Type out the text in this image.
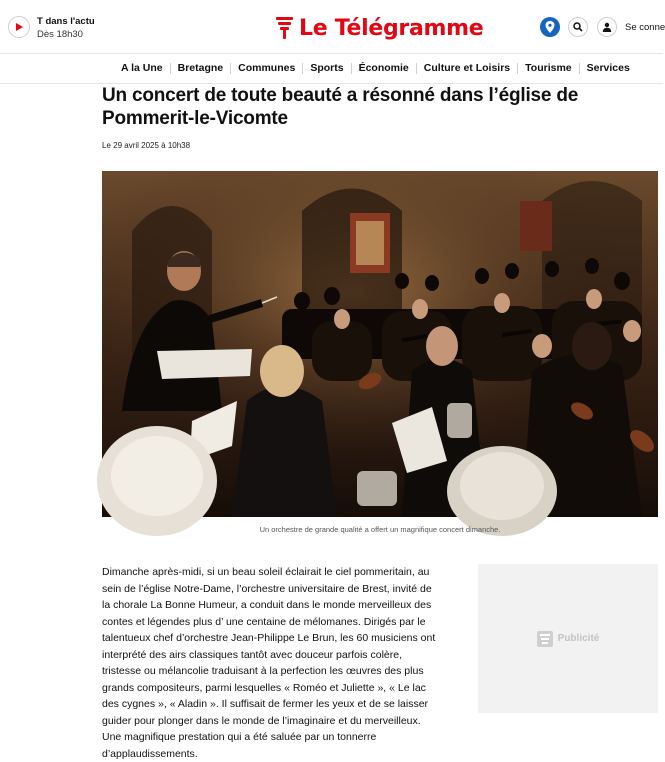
T dans l'actu
Dès 18h30	Le Télégramme	Se conne
A la Une	Bretagne	Communes	Sports	Économie	Culture et Loisirs	Tourisme	Services
Un concert de toute beauté a résonné dans l’église de Pommerit-le-Vicomte
Le 29 avril 2025 à 10h38
Un orchestre de grande qualité a offert un magnifique concert dimanche.

Dimanche après-midi, si un beau soleil éclairait le ciel pommeritain, au sein de l’église Notre-Dame, l’orchestre universitaire de Brest, invité de la chorale La Bonne Humeur, a conduit dans le monde merveilleux des contes et légendes plus d’ une centaine de mélomanes. Dirigés par le talentueux chef d’orchestre Jean-Philippe Le Brun, les 60 musiciens ont interprété des airs classiques tantôt avec douceur parfois colère, tristesse ou mélancolie traduisant à la perfection les œuvres des plus grands compositeurs, parmi lesquelles « Roméo et Juliette », « Le lac des cygnes », « Aladin ». Il suffisait de fermer les yeux et de se laisser guider pour plonger dans le monde de l’imaginaire et du merveilleux. Une magnifique prestation qui a été saluée par un tonnerre d’applaudissements.

Publicité
